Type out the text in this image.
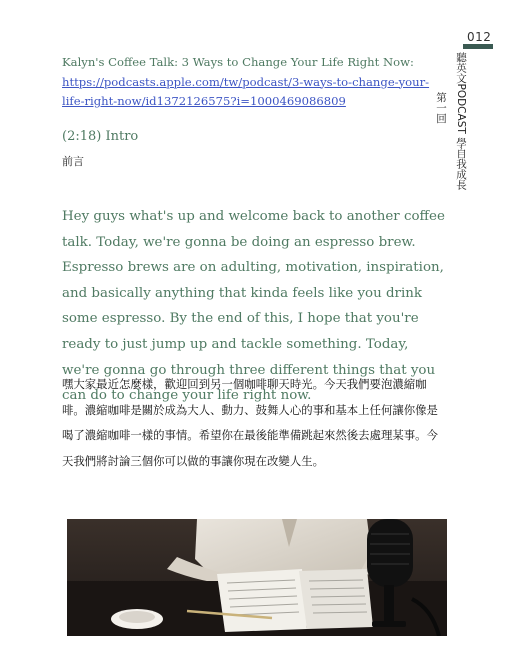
012
聽英文PODCAST 學自我成長
第一回
Kalyn's Coffee Talk: 3 Ways to Change Your Life Right Now: https://podcasts.apple.com/tw/podcast/3-ways-to-change-your-life-right-now/id1372126575?i=1000469086809
(2:18) Intro
前言
Hey guys what's up and welcome back to another coffee talk. Today, we're gonna be doing an espresso brew. Espresso brews are on adulting, motivation, inspiration, and basically anything that kinda feels like you drink some espresso. By the end of this, I hope that you're ready to just jump up and tackle something. Today, we're gonna go through three different things that you can do to change your life right now.
嘿大家最近怎麼樣，歡迎回到另一個咖啡聊天時光。今天我們要泡濃縮咖啡。濃縮咖啡是關於成為大人、動力、鼓舞人心的事和基本上任何讓你像是喝了濃縮咖啡一樣的事情。希望你在最後能準備跳起來然後去處理某事。今天我們將討論三個你可以做的事讓你現在改變人生。
